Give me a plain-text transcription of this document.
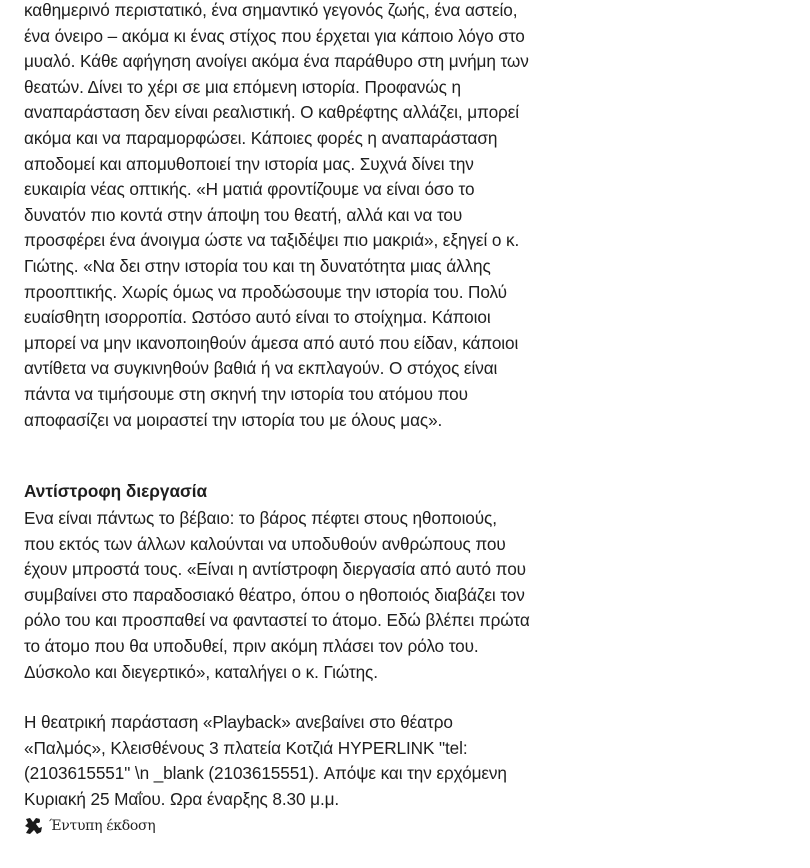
καθημερινό περιστατικό, ένα σημαντικό γεγονός ζωής, ένα αστείο,
ένα όνειρο – ακόμα κι ένας στίχος που έρχεται για κάποιο λόγο στο
μυαλό. Κάθε αφήγηση ανοίγει ακόμα ένα παράθυρο στη μνήμη των
θεατών. Δίνει το χέρι σε μια επόμενη ιστορία. Προφανώς η
αναπαράσταση δεν είναι ρεαλιστική. Ο καθρέφτης αλλάζει, μπορεί
ακόμα και να παραμορφώσει. Κάποιες φορές η αναπαράσταση
αποδομεί και απομυθοποιεί την ιστορία μας. Συχνά δίνει την
ευκαιρία νέας οπτικής. «Η ματιά φροντίζουμε να είναι όσο το
δυνατόν πιο κοντά στην άποψη του θεατή, αλλά και να του
προσφέρει ένα άνοιγμα ώστε να ταξιδέψει πιο μακριά», εξηγεί ο κ.
Γιώτης. «Να δει στην ιστορία του και τη δυνατότητα μιας άλλης
προοπτικής. Χωρίς όμως να προδώσουμε την ιστορία του. Πολύ
ευαίσθητη ισορροπία. Ωστόσο αυτό είναι το στοίχημα. Κάποιοι
μπορεί να μην ικανοποιηθούν άμεσα από αυτό που είδαν, κάποιοι
αντίθετα να συγκινηθούν βαθιά ή να εκπλαγούν. Ο στόχος είναι
πάντα να τιμήσουμε στη σκηνή την ιστορία του ατόμου που
αποφασίζει να μοιραστεί την ιστορία του με όλους μας».
Αντίστροφη διεργασία
Ενα είναι πάντως το βέβαιο: το βάρος πέφτει στους ηθοποιούς,
που εκτός των άλλων καλούνται να υποδυθούν ανθρώπους που
έχουν μπροστά τους. «Είναι η αντίστροφη διεργασία από αυτό που
συμβαίνει στο παραδοσιακό θέατρο, όπου ο ηθοποιός διαβάζει τον
ρόλο του και προσπαθεί να φανταστεί το άτομο. Εδώ βλέπει πρώτα
το άτομο που θα υποδυθεί, πριν ακόμη πλάσει τον ρόλο του.
Δύσκολο και διεγερτικό», καταλήγει ο κ. Γιώτης.
Η θεατρική παράσταση «Playback» ανεβαίνει στο θέατρο
«Παλμός», Κλεισθένους 3 πλατεία Κοτζιά HYPERLINK "tel:
(2103615551" \n _blank (2103615551). Απόψε και την ερχόμενη
Κυριακή 25 Μαΐου. Ωρα έναρξης 8.30 μ.μ.
Έντυπη έκδοση
